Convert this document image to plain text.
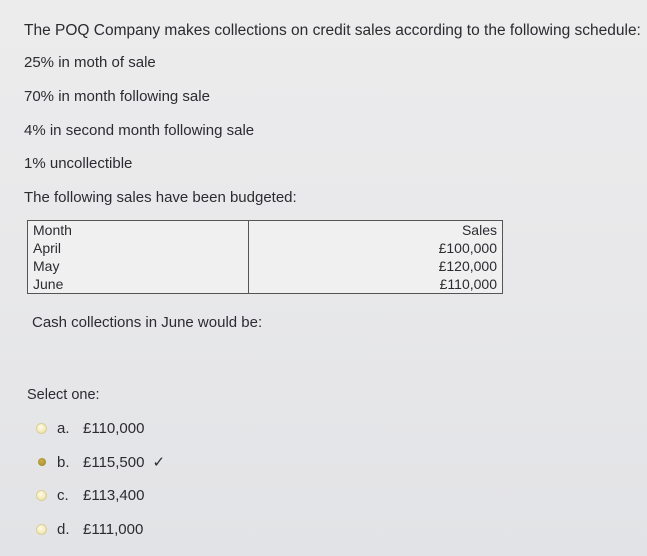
The POQ Company makes collections on credit sales according to the following schedule:
25% in moth of sale
70% in month following sale
4% in second month following sale
1% uncollectible
The following sales have been budgeted:
Month	Sales
April	£100,000
May	£120,000
June	£110,000
Cash collections in June would be:
Select one:
a. £110,000
b. £115,500 ✓
c. £113,400
d. £111,000
